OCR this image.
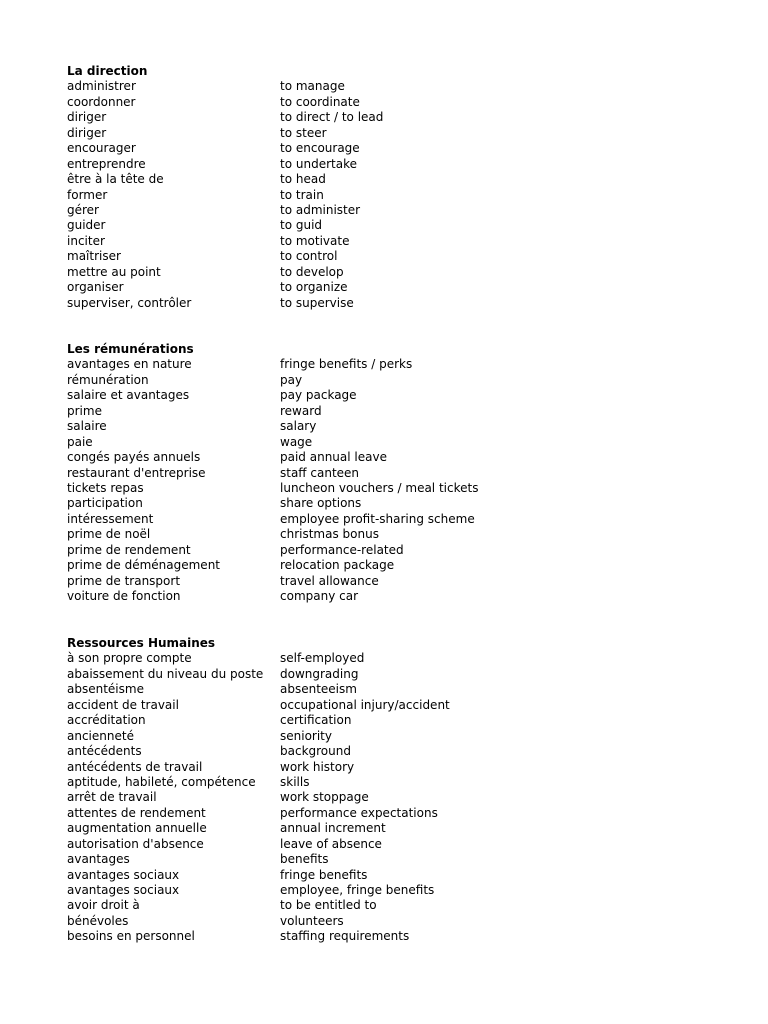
La direction
administrer	to manage
coordonner	to coordinate
diriger	to direct / to lead
diriger	to steer
encourager	to encourage
entreprendre	to undertake
être à la tête de	to head
former	to train
gérer	to administer
guider	to guid
inciter	to motivate
maîtriser	to control
mettre au point	to develop
organiser	to organize
superviser, contrôler	to supervise
Les rémunérations
avantages en nature	fringe benefits / perks
rémunération	pay
salaire et avantages	pay package
prime	reward
salaire	salary
paie	wage
congés payés annuels	paid annual leave
restaurant d'entreprise	staff canteen
tickets repas	luncheon vouchers / meal tickets
participation	share options
intéressement	employee profit-sharing scheme
prime de noël	christmas bonus
prime de rendement	performance-related
prime de déménagement	relocation package
prime de transport	travel allowance
voiture de fonction	company car
Ressources Humaines
à son propre compte	self-employed
abaissement du niveau du poste	downgrading
absentéisme	absenteeism
accident de travail	occupational injury/accident
accréditation	certification
ancienneté	seniority
antécédents	background
antécédents de travail	work history
aptitude, habileté, compétence	skills
arrêt de travail	work stoppage
attentes de rendement	performance expectations
augmentation annuelle	annual increment
autorisation d'absence	leave of absence
avantages	benefits
avantages sociaux	fringe benefits
avantages sociaux	employee, fringe benefits
avoir droit à	to be entitled to
bénévoles	volunteers
besoins en personnel	staffing requirements
